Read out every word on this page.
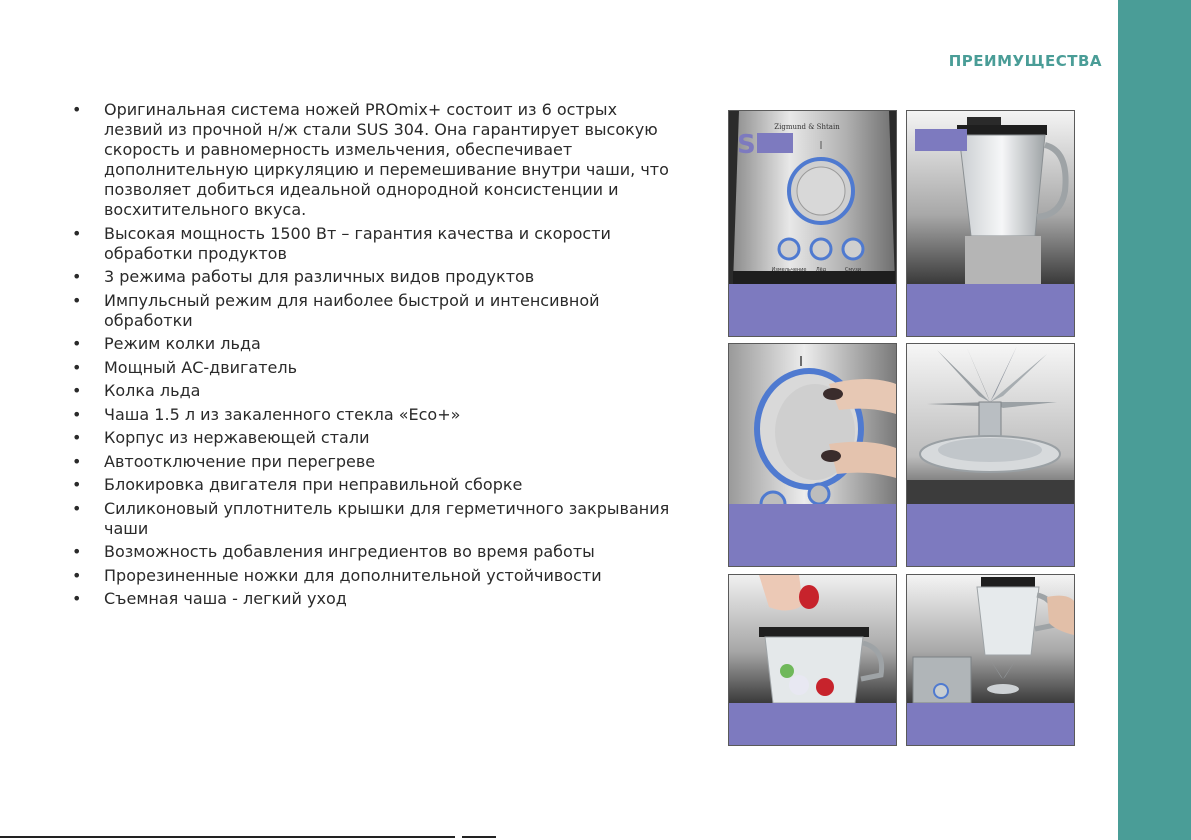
ПРЕИМУЩЕСТВА
•	Оригинальная система ножей PROmix+ состоит из 6 острых лезвий из прочной н/ж стали SUS 304. Она гарантирует высокую скорость и равномерность измельчения, обеспечивает дополнительную циркуляцию и перемешивание внутри чаши, что позволяет добиться идеальной однородной консистенции и восхитительного вкуса.
•	Высокая мощность 1500 Вт – гарантия качества и скорости обработки продуктов
•	3 режима работы для различных видов продуктов
•	Импульсный режим для наиболее быстрой и интенсивной обработки
•	Режим колки льда
•	Мощный АС-двигатель
•	Колка льда
•	Чаша 1.5 л из закаленного стекла «Eco+»
•	Корпус из нержавеющей стали
•	Автоотключение при перегреве
•	Блокировка двигателя при неправильной сборке
•	Силиконовый уплотнитель крышки для герметичного закрывания чаши
•	Возможность добавления ингредиентов во время работы
•	Прорезиненные ножки для дополнительной устойчивости
•	Съемная чаша - легкий уход
Zigmund & Shtain
Измельчение Лёд	Смузи
S
